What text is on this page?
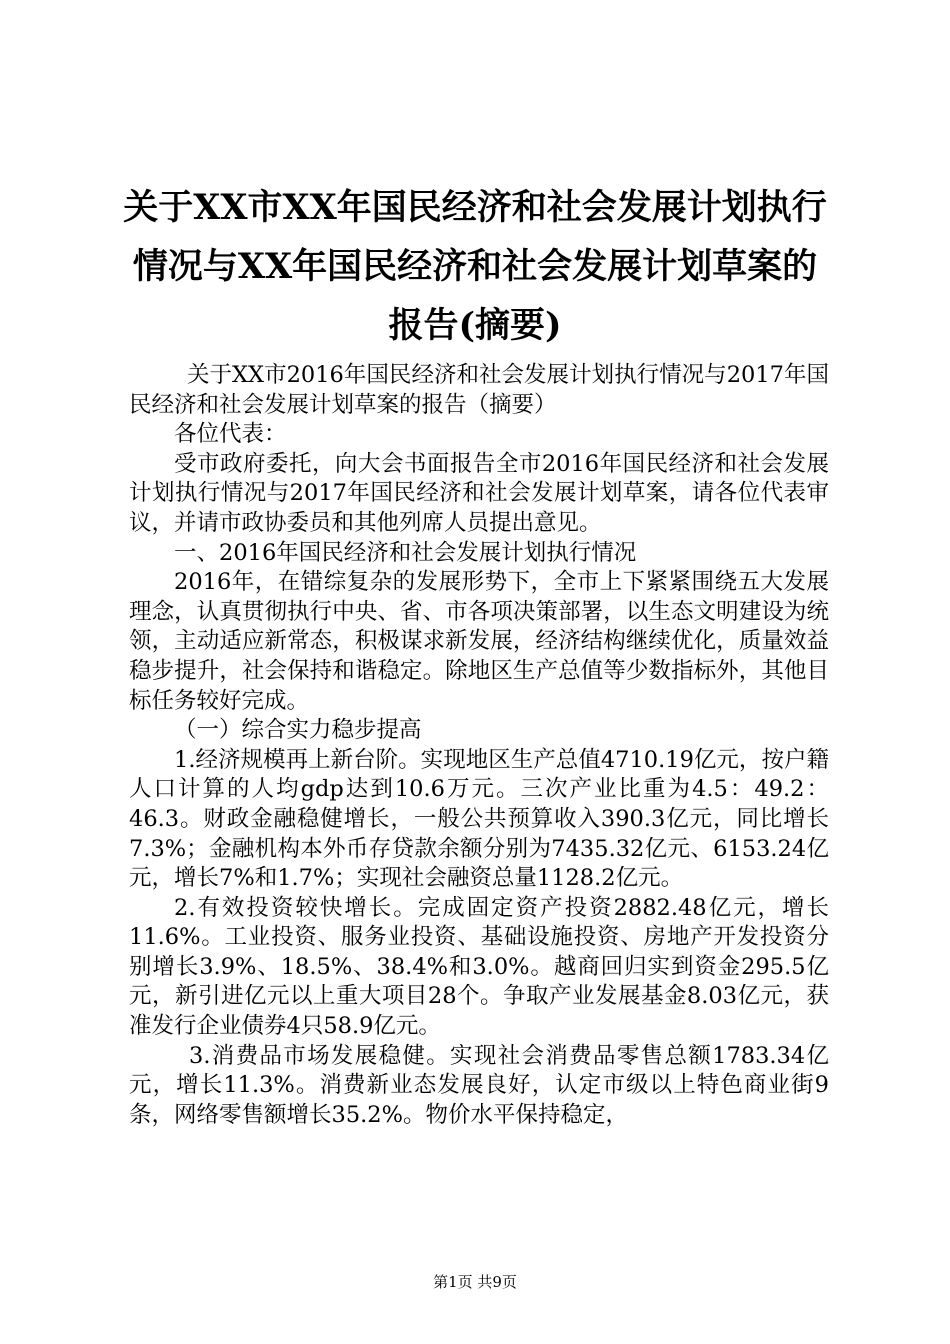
关于XX市XX年国民经济和社会发展计划执行
情况与XX年国民经济和社会发展计划草案的
报告(摘要)

关于XX市2016年国民经济和社会发展计划执行情况与2017年国民经济和社会发展计划草案的报告（摘要）

各位代表：

受市政府委托，向大会书面报告全市2016年国民经济和社会发展计划执行情况与2017年国民经济和社会发展计划草案，请各位代表审议，并请市政协委员和其他列席人员提出意见。

一、2016年国民经济和社会发展计划执行情况

2016年，在错综复杂的发展形势下，全市上下紧紧围绕五大发展理念，认真贯彻执行中央、省、市各项决策部署，以生态文明建设为统领，主动适应新常态，积极谋求新发展，经济结构继续优化，质量效益稳步提升，社会保持和谐稳定。除地区生产总值等少数指标外，其他目标任务较好完成。

（一）综合实力稳步提高

1.经济规模再上新台阶。实现地区生产总值4710.19亿元，按户籍人口计算的人均gdp达到10.6万元。三次产业比重为4.5：49.2：46.3。财政金融稳健增长，一般公共预算收入390.3亿元，同比增长7.3%；金融机构本外币存贷款余额分别为7435.32亿元、6153.24亿元，增长7%和1.7%；实现社会融资总量1128.2亿元。

2.有效投资较快增长。完成固定资产投资2882.48亿元，增长11.6%。工业投资、服务业投资、基础设施投资、房地产开发投资分别增长3.9%、18.5%、38.4%和3.0%。越商回归实到资金295.5亿元，新引进亿元以上重大项目28个。争取产业发展基金8.03亿元，获准发行企业债券4只58.9亿元。

3.消费品市场发展稳健。实现社会消费品零售总额1783.34亿元，增长11.3%。消费新业态发展良好，认定市级以上特色商业街9条，网络零售额增长35.2%。物价水平保持稳定，

第1页 共9页
